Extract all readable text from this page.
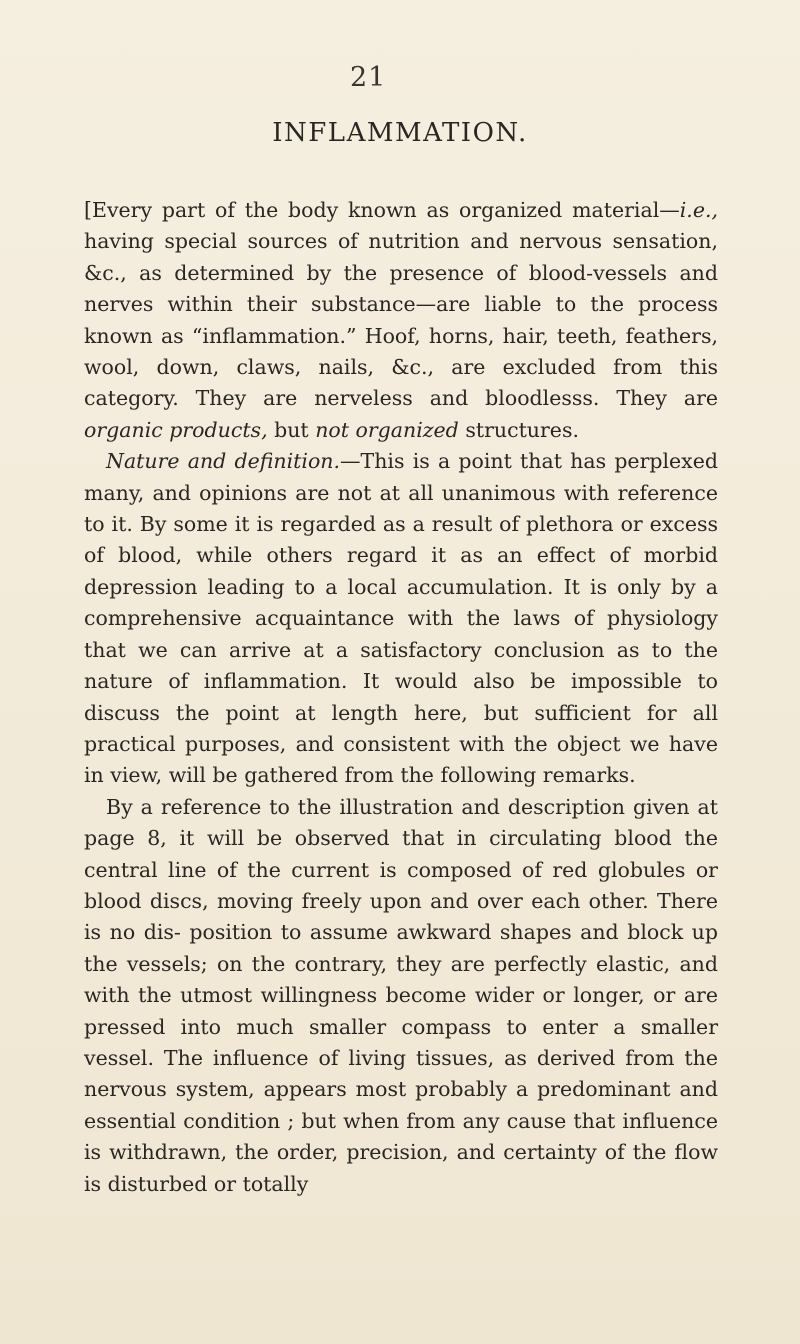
21
INFLAMMATION.

[Every part of the body known as organized material—i.e., having special sources of nutrition and nervous sensation, &c., as determined by the presence of blood-vessels and nerves within their substance—are liable to the process known as “inflammation.” Hoof, horns, hair, teeth, feathers, wool, down, claws, nails, &c., are excluded from this category. They are nerveless and bloodlesss. They are organic products, but not organized structures.

Nature and definition.—This is a point that has perplexed many, and opinions are not at all unanimous with reference to it. By some it is regarded as a result of plethora or excess of blood, while others regard it as an effect of morbid depression leading to a local accumulation. It is only by a comprehensive acquaintance with the laws of physiology that we can arrive at a satisfactory conclusion as to the nature of inflammation. It would also be impossible to discuss the point at length here, but sufficient for all practical purposes, and consistent with the object we have in view, will be gathered from the following remarks.

By a reference to the illustration and description given at page 8, it will be observed that in circulating blood the central line of the current is composed of red globules or blood discs, moving freely upon and over each other. There is no dis- position to assume awkward shapes and block up the vessels; on the contrary, they are perfectly elastic, and with the utmost willingness become wider or longer, or are pressed into much smaller compass to enter a smaller vessel. The influence of living tissues, as derived from the nervous system, appears most probably a predominant and essential condition ; but when from any cause that influence is withdrawn, the order, precision, and certainty of the flow is disturbed or totally
